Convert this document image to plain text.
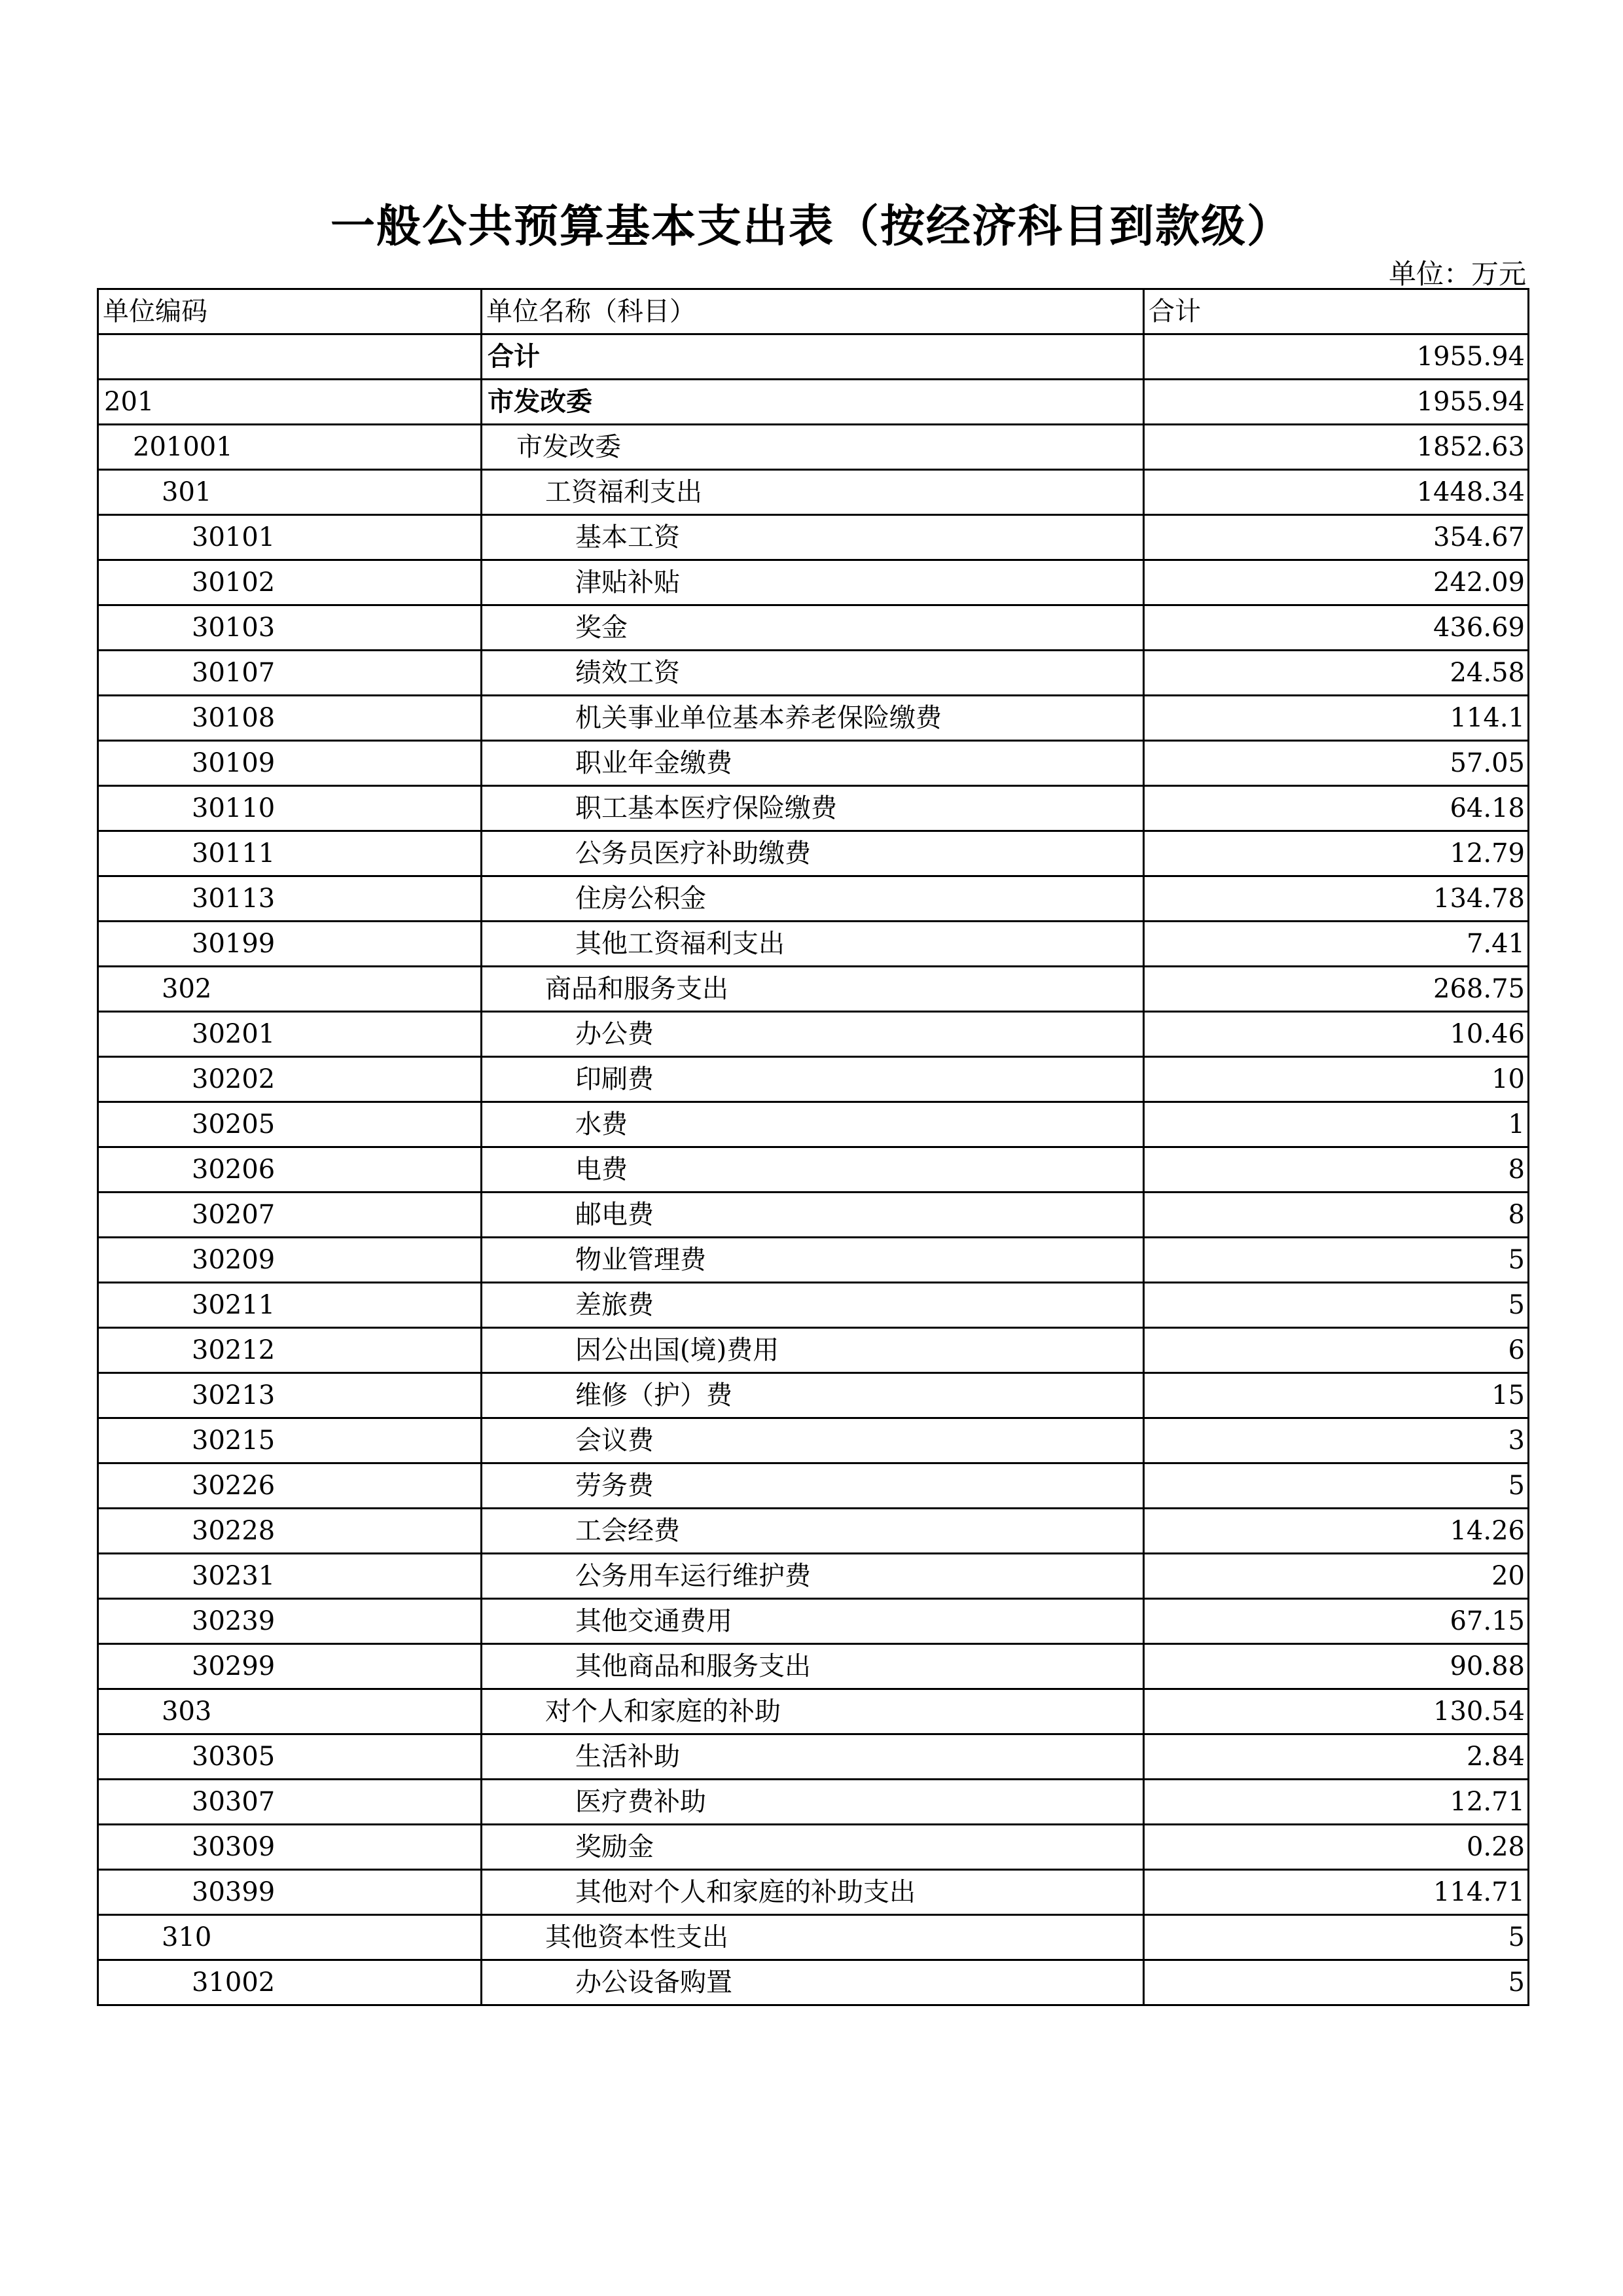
一般公共预算基本支出表（按经济科目到款级）
单位：万元
单位编码	单位名称（科目）	合计
	合计	1955.94
201	市发改委	1955.94
201001	市发改委	1852.63
301	工资福利支出	1448.34
30101	基本工资	354.67
30102	津贴补贴	242.09
30103	奖金	436.69
30107	绩效工资	24.58
30108	机关事业单位基本养老保险缴费	114.1
30109	职业年金缴费	57.05
30110	职工基本医疗保险缴费	64.18
30111	公务员医疗补助缴费	12.79
30113	住房公积金	134.78
30199	其他工资福利支出	7.41
302	商品和服务支出	268.75
30201	办公费	10.46
30202	印刷费	10
30205	水费	1
30206	电费	8
30207	邮电费	8
30209	物业管理费	5
30211	差旅费	5
30212	因公出国(境)费用	6
30213	维修（护）费	15
30215	会议费	3
30226	劳务费	5
30228	工会经费	14.26
30231	公务用车运行维护费	20
30239	其他交通费用	67.15
30299	其他商品和服务支出	90.88
303	对个人和家庭的补助	130.54
30305	生活补助	2.84
30307	医疗费补助	12.71
30309	奖励金	0.28
30399	其他对个人和家庭的补助支出	114.71
310	其他资本性支出	5
31002	办公设备购置	5
